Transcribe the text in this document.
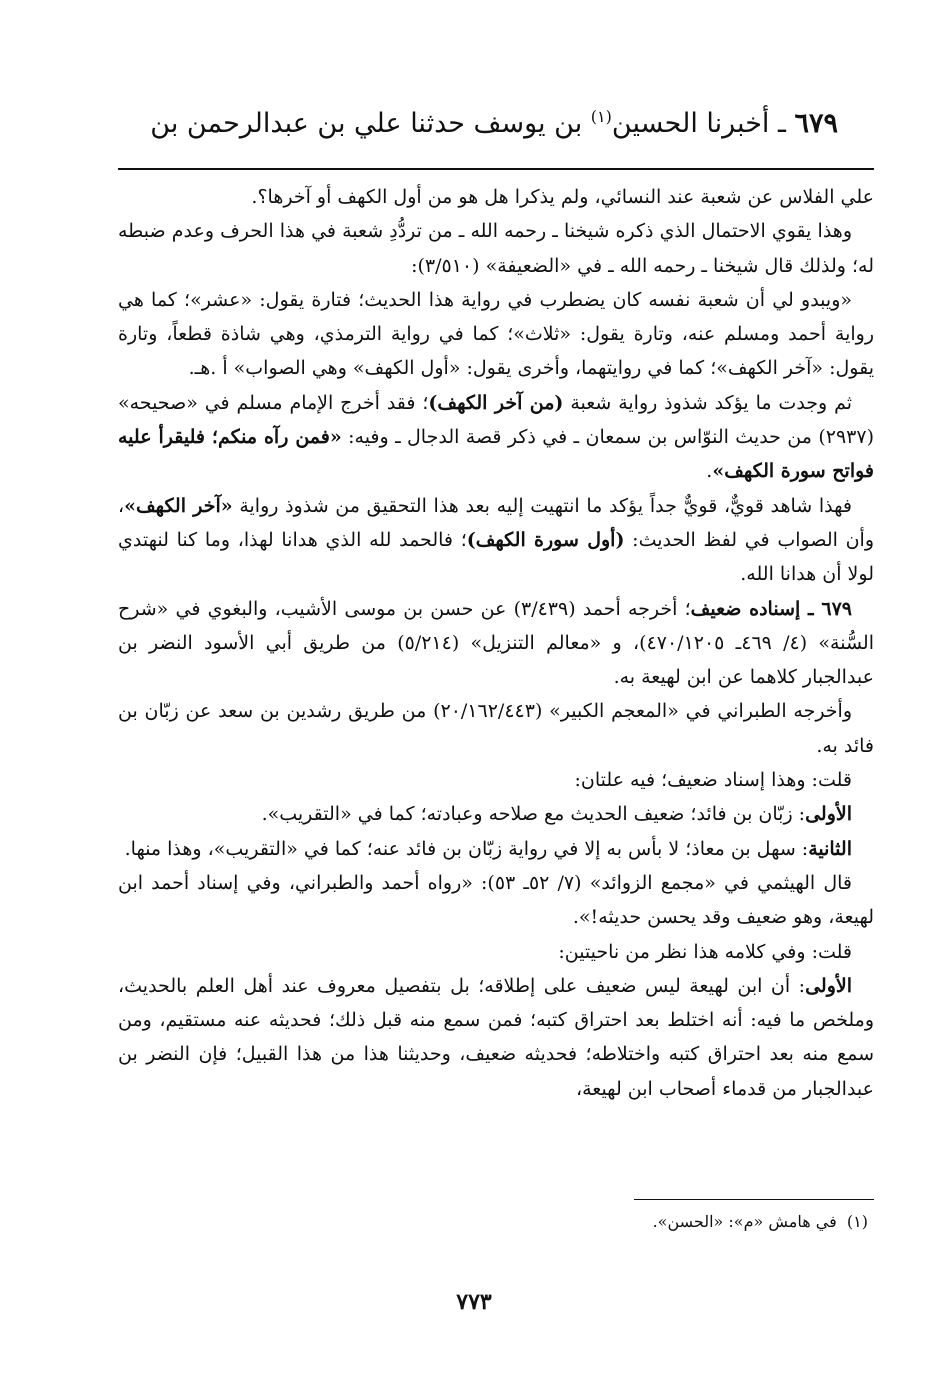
٦٧٩ ـ أخبرنا الحسين$^{(١)}$ بن يوسف حدثنا علي بن عبدالرحمن بن

علي الفلاس عن شعبة عند النسائي، ولم يذكرا هل هو من أول الكهف أو آخرها؟.

وهذا يقوي الاحتمال الذي ذكره شيخنا ـ رحمه الله ـ من تردُّدِ شعبة في هذا الحرف وعدم ضبطه له؛ ولذلك قال شيخنا ـ رحمه الله ـ في «الضعيفة» (٣/٥١٠):

«ويبدو لي أن شعبة نفسه كان يضطرب في رواية هذا الحديث؛ فتارة يقول: «عشر»؛ كما هي رواية أحمد ومسلم عنه، وتارة يقول: «ثلاث»؛ كما في رواية الترمذي، وهي شاذة قطعاً، وتارة يقول: «آخر الكهف»؛ كما في روايتهما، وأخرى يقول: «أول الكهف» وهي الصواب» أ .هـ.

ثم وجدت ما يؤكد شذوذ رواية شعبة (من آخر الكهف)؛ فقد أخرج الإمام مسلم في «صحيحه» (٢٩٣٧) من حديث النوّاس بن سمعان ـ في ذكر قصة الدجال ـ وفيه: «فمن رآه منكم؛ فليقرأ عليه فواتح سورة الكهف».

فهذا شاهد قويٌّ، قويٌّ جداً يؤكد ما انتهيت إليه بعد هذا التحقيق من شذوذ رواية «آخر الكهف»، وأن الصواب في لفظ الحديث: (أول سورة الكهف)؛ فالحمد لله الذي هدانا لهذا، وما كنا لنهتدي لولا أن هدانا الله.

٦٧٩ ـ إسناده ضعيف؛ أخرجه أحمد (٣/٤٣٩) عن حسن بن موسى الأشيب، والبغوي في «شرح السُّنة» (٤/ ٤٦٩ـ ٤٧٠/١٢٠٥)، و «معالم التنزيل» (٥/٢١٤) من طريق أبي الأسود النضر بن عبدالجبار كلاهما عن ابن لهيعة به.

وأخرجه الطبراني في «المعجم الكبير» (٢٠/١٦٢/٤٤٣) من طريق رشدين بن سعد عن زبّان بن فائد به.

قلت: وهذا إسناد ضعيف؛ فيه علتان:

الأولى: زبّان بن فائد؛ ضعيف الحديث مع صلاحه وعبادته؛ كما في «التقريب».

الثانية: سهل بن معاذ؛ لا بأس به إلا في رواية زبّان بن فائد عنه؛ كما في «التقريب»، وهذا منها.

قال الهيثمي في «مجمع الزوائد» (٧/ ٥٢ـ ٥٣): «رواه أحمد والطبراني، وفي إسناد أحمد ابن لهيعة، وهو ضعيف وقد يحسن حديثه!».

قلت: وفي كلامه هذا نظر من ناحيتين:

الأولى: أن ابن لهيعة ليس ضعيف على إطلاقه؛ بل بتفصيل معروف عند أهل العلم بالحديث، وملخص ما فيه: أنه اختلط بعد احتراق كتبه؛ فمن سمع منه قبل ذلك؛ فحديثه عنه مستقيم، ومن سمع منه بعد احتراق كتبه واختلاطه؛ فحديثه ضعيف، وحديثنا هذا من هذا القبيل؛ فإن النضر بن عبدالجبار من قدماء أصحاب ابن لهيعة،

(١)  في هامش «م»: «الحسن».
٧٧٣
